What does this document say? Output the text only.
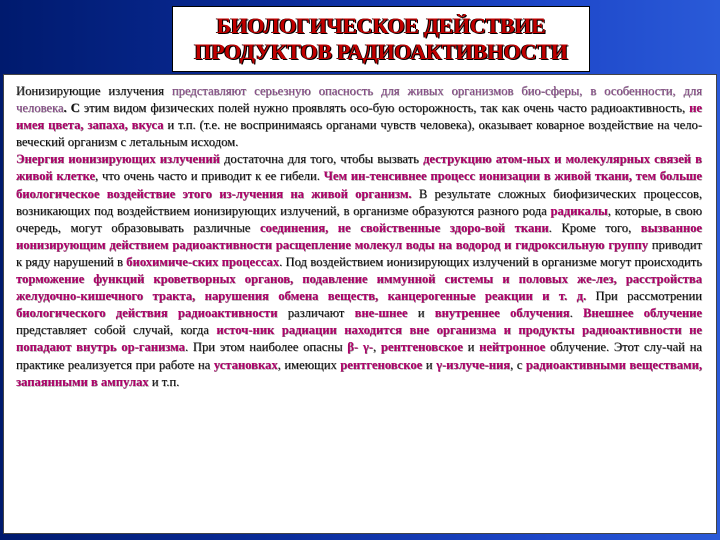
БИОЛОГИЧЕСКОЕ ДЕЙСТВИЕ
ПРОДУКТОВ РАДИОАКТИВНОСТИ

Ионизирующие излучения представляют серьезную опасность для живых организмов био-сферы, в особенности, для человека. С этим видом физических полей нужно проявлять осо-бую осторожность, так как очень часто радиоактивность, не имея цвета, запаха, вкуса и т.п. (т.е. не воспринимаясь органами чувств человека), оказывает коварное воздействие на чело-веческий организм с летальным исходом.

Энергия ионизирующих излучений достаточна для того, чтобы вызвать деструкцию атом-ных и молекулярных связей в живой клетке, что очень часто и приводит к ее гибели. Чем ин-тенсивнее процесс ионизации в живой ткани, тем больше биологическое воздействие этого из-лучения на живой организм. В результате сложных биофизических процессов, возникающих под воздействием ионизирующих излучений, в организме образуются разного рода радикалы, которые, в свою очередь, могут образовывать различные соединения, не свойственные здоро-вой ткани. Кроме того, вызванное ионизирующим действием радиоактивности расщепление молекул воды на водород и гидроксильную группу приводит к ряду нарушений в биохимиче-ских процессах. Под воздействием ионизирующих излучений в организме могут происходить торможение функций кроветворных органов, подавление иммунной системы и половых же-лез, расстройства желудочно-кишечного тракта, нарушения обмена веществ, канцерогенные реакции и т. д. При рассмотрении биологического действия радиоактивности различают вне-шнее и внутреннее облучения. Внешнее облучение представляет собой случай, когда источ-ник радиации находится вне организма и продукты радиоактивности не попадают внутрь ор-ганизма. При этом наиболее опасны β- γ-, рентгеновское и нейтронное облучение. Этот слу-чай на практике реализуется при работе на установках, имеющих рентгеновское и γ-излуче-ния, с радиоактивными веществами, запаянными в ампулах и т.п.
